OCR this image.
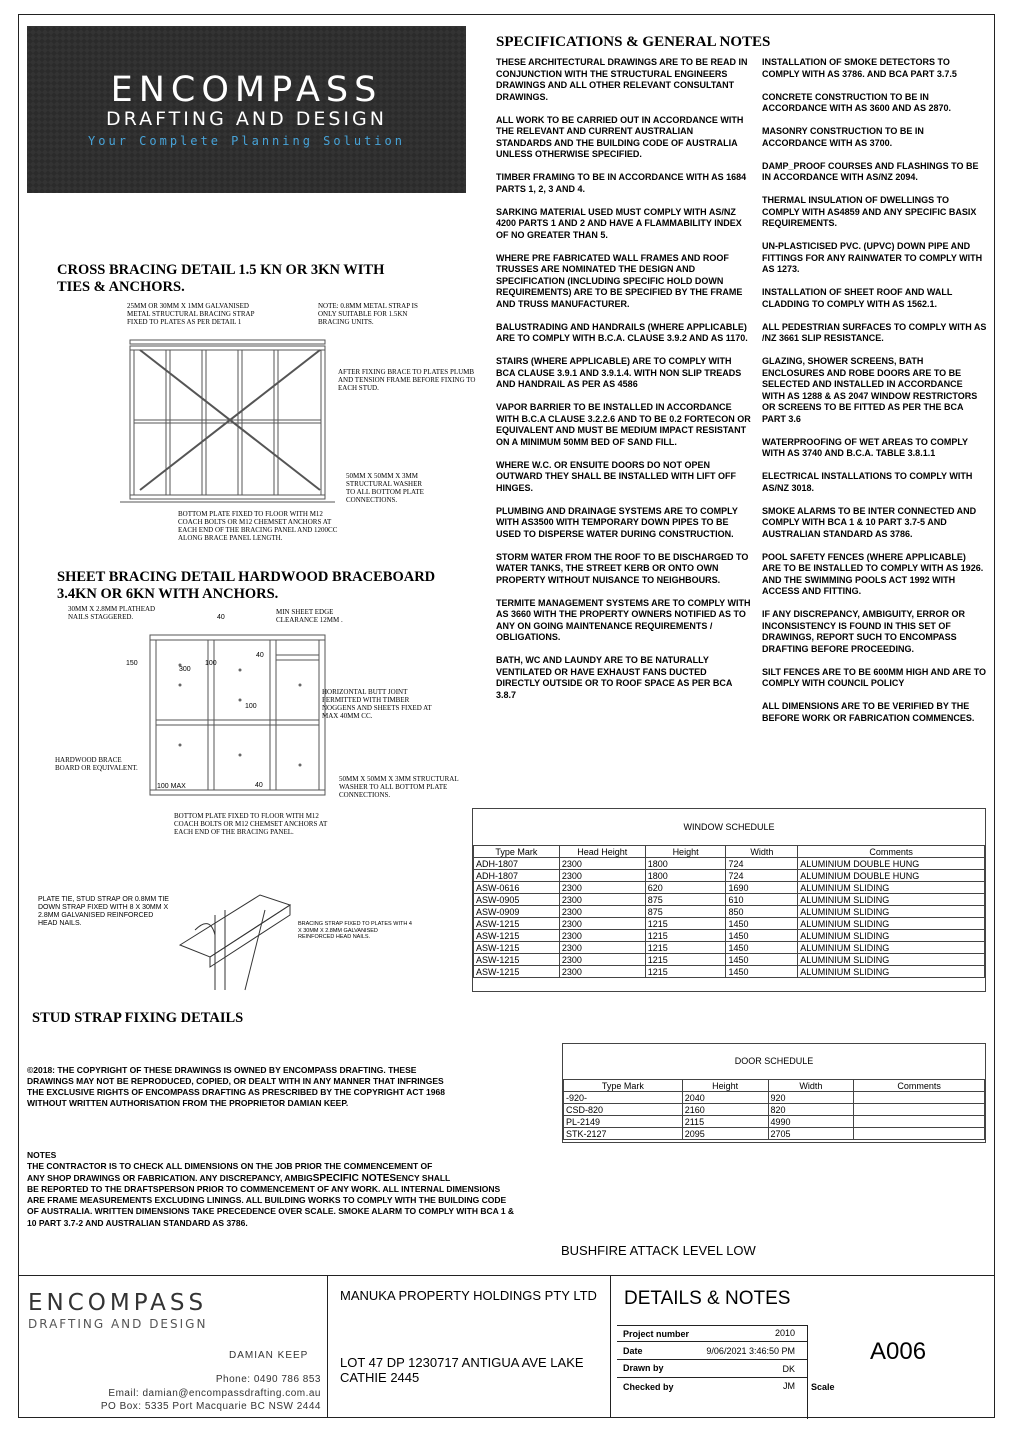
ENCOMPASS
DRAFTING AND DESIGN
Your Complete Planning Solution
SPECIFICATIONS & GENERAL NOTES

THESE ARCHITECTURAL DRAWINGS ARE TO BE READ IN CONJUNCTION WITH THE STRUCTURAL ENGINEERS DRAWINGS AND ALL OTHER RELEVANT CONSULTANT DRAWINGS.

ALL WORK TO BE CARRIED OUT IN ACCORDANCE WITH THE RELEVANT AND CURRENT AUSTRALIAN STANDARDS AND THE BUILDING CODE OF AUSTRALIA UNLESS OTHERWISE SPECIFIED.

TIMBER FRAMING TO BE IN ACCORDANCE WITH AS 1684 PARTS 1, 2, 3 AND 4.

SARKING MATERIAL USED MUST COMPLY WITH AS/NZ 4200 PARTS 1 AND 2 AND HAVE A FLAMMABILITY INDEX OF NO GREATER THAN 5.

WHERE PRE FABRICATED WALL FRAMES AND ROOF TRUSSES ARE NOMINATED THE DESIGN AND SPECIFICATION (INCLUDING SPECIFIC HOLD DOWN REQUIREMENTS) ARE TO BE SPECIFIED BY THE FRAME AND TRUSS MANUFACTURER.

BALUSTRADING AND HANDRAILS (WHERE APPLICABLE) ARE TO COMPLY WITH B.C.A. CLAUSE 3.9.2 AND AS 1170.

STAIRS (WHERE APPLICABLE) ARE TO COMPLY WITH BCA CLAUSE 3.9.1 AND 3.9.1.4. WITH NON SLIP TREADS AND HANDRAIL AS PER AS 4586

VAPOR BARRIER TO BE INSTALLED IN ACCORDANCE WITH B.C.A CLAUSE 3.2.2.6 AND TO BE 0.2 FORTECON OR EQUIVALENT AND MUST BE MEDIUM IMPACT RESISTANT ON A MINIMUM 50MM BED OF SAND FILL.

WHERE W.C. OR ENSUITE DOORS DO NOT OPEN OUTWARD THEY SHALL BE INSTALLED WITH LIFT OFF HINGES.

PLUMBING AND DRAINAGE SYSTEMS ARE TO COMPLY WITH AS3500 WITH TEMPORARY DOWN PIPES TO BE USED TO DISPERSE WATER DURING CONSTRUCTION.

STORM WATER FROM THE ROOF TO BE DISCHARGED TO WATER TANKS, THE STREET KERB OR ONTO OWN PROPERTY WITHOUT NUISANCE TO NEIGHBOURS.

TERMITE MANAGEMENT SYSTEMS ARE TO COMPLY WITH AS 3660 WITH THE PROPERTY OWNERS NOTIFIED AS TO ANY ON GOING MAINTENANCE REQUIREMENTS / OBLIGATIONS.

BATH, WC AND LAUNDY ARE TO BE NATURALLY VENTILATED OR HAVE EXHAUST FANS DUCTED DIRECTLY OUTSIDE OR TO ROOF SPACE AS PER BCA 3.8.7

INSTALLATION OF SMOKE DETECTORS TO COMPLY WITH AS 3786. AND BCA PART 3.7.5

CONCRETE CONSTRUCTION TO BE IN ACCORDANCE WITH AS 3600 AND AS 2870.

MASONRY CONSTRUCTION TO BE IN ACCORDANCE WITH AS 3700.

DAMP_PROOF COURSES AND FLASHINGS TO BE IN ACCORDANCE WITH AS/NZ 2094.

THERMAL INSULATION OF DWELLINGS TO COMPLY WITH AS4859 AND ANY SPECIFIC BASIX REQUIREMENTS.

UN-PLASTICISED PVC. (UPVC) DOWN PIPE AND FITTINGS FOR ANY RAINWATER TO COMPLY WITH AS 1273.

INSTALLATION OF SHEET ROOF AND WALL CLADDING TO COMPLY WITH AS 1562.1.

ALL PEDESTRIAN SURFACES TO COMPLY WITH AS /NZ 3661 SLIP RESISTANCE.

GLAZING, SHOWER SCREENS, BATH ENCLOSURES AND ROBE DOORS ARE TO BE SELECTED AND INSTALLED IN ACCORDANCE WITH AS 1288 & AS 2047 WINDOW RESTRICTORS OR SCREENS TO BE FITTED AS PER THE BCA PART 3.6

WATERPROOFING OF WET AREAS TO COMPLY WITH AS 3740 AND B.C.A. TABLE 3.8.1.1

ELECTRICAL INSTALLATIONS TO COMPLY WITH AS/NZ 3018.

SMOKE ALARMS TO BE INTER CONNECTED AND COMPLY WITH BCA 1 & 10 PART 3.7-5 AND AUSTRALIAN STANDARD AS 3786.

POOL SAFETY FENCES (WHERE APPLICABLE) ARE TO BE INSTALLED TO COMPLY WITH AS 1926. AND THE SWIMMING POOLS ACT 1992 WITH ACCESS AND FITTING.

IF ANY DISCREPANCY, AMBIGUITY, ERROR OR INCONSISTENCY IS FOUND IN THIS SET OF DRAWINGS, REPORT SUCH TO ENCOMPASS DRAFTING BEFORE PROCEEDING.

SILT FENCES ARE TO BE 600MM HIGH AND ARE TO COMPLY WITH COUNCIL POLICY

ALL DIMENSIONS ARE TO BE VERIFIED BY THE BEFORE WORK OR FABRICATION COMMENCES.

CROSS BRACING DETAIL 1.5 KN OR 3KN WITH TIES & ANCHORS.
25MM OR 30MM X 1MM GALVANISED METAL STRUCTURAL BRACING STRAP FIXED TO PLATES AS PER DETAIL 1
NOTE: 0.8MM METAL STRAP IS ONLY SUITABLE FOR 1.5KN BRACING UNITS.
AFTER FIXING BRACE TO PLATES PLUMB AND TENSION FRAME BEFORE FIXING TO EACH STUD.
50MM X 50MM X 3MM STRUCTURAL WASHER TO ALL BOTTOM PLATE CONNECTIONS.
BOTTOM PLATE FIXED TO FLOOR WITH M12 COACH BOLTS OR M12 CHEMSET ANCHORS AT EACH END OF THE BRACING PANEL AND 1200CC ALONG BRACE PANEL LENGTH.
SHEET BRACING DETAIL HARDWOOD BRACEBOARD 3.4KN OR 6KN WITH ANCHORS.
30MM X 2.8MM PLATHEAD NAILS STAGGERED.
MIN SHEET EDGE CLEARANCE 12MM .
HORIZONTAL BUTT JOINT PERMITTED WITH TIMBER NOGGENS AND SHEETS FIXED AT MAX 40MM CC.
HARDWOOD BRACE BOARD OR EQUIVALENT.
50MM X 50MM X 3MM STRUCTURAL WASHER TO ALL BOTTOM PLATE CONNECTIONS.
BOTTOM PLATE FIXED TO FLOOR WITH M12 COACH BOLTS OR M12 CHEMSET ANCHORS AT EACH END OF THE BRACING PANEL.
40
150
300
100
40
100
100 MAX	40
PLATE TIE, STUD STRAP OR 0.8MM TIE DOWN STRAP FIXED WITH 8 X 30MM X 2.8MM GALVANISED REINFORCED HEAD NAILS.	BRACING STRAP FIXED TO PLATES WITH 4 X 30MM X 2.8MM GALVANISED REINFORCED HEAD NAILS.
STUD STRAP FIXING DETAILS
WINDOW SCHEDULE
Type Mark	Head Height	Height	Width	Comments
ADH-1807	2300	1800	724	ALUMINIUM DOUBLE HUNG
ADH-1807	2300	1800	724	ALUMINIUM DOUBLE HUNG
ASW-0616	2300	620	1690	ALUMINIUM SLIDING
ASW-0905	2300	875	610	ALUMINIUM SLIDING
ASW-0909	2300	875	850	ALUMINIUM SLIDING
ASW-1215	2300	1215	1450	ALUMINIUM SLIDING
ASW-1215	2300	1215	1450	ALUMINIUM SLIDING
ASW-1215	2300	1215	1450	ALUMINIUM SLIDING
ASW-1215	2300	1215	1450	ALUMINIUM SLIDING
ASW-1215	2300	1215	1450	ALUMINIUM SLIDING
DOOR SCHEDULE
Type Mark	Height	Width	Comments
-920-	2040	920	
CSD-820	2160	820	
PL-2149	2115	4990	
STK-2127	2095	2705	
©2018: THE COPYRIGHT OF THESE DRAWINGS IS OWNED BY ENCOMPASS DRAFTING. THESE DRAWINGS MAY NOT BE REPRODUCED, COPIED, OR DEALT WITH IN ANY MANNER THAT INFRINGES THE EXCLUSIVE RIGHTS OF ENCOMPASS DRAFTING AS PRESCRIBED BY THE COPYRIGHT ACT 1968 WITHOUT WRITTEN AUTHORISATION FROM THE PROPRIETOR DAMIAN KEEP.
NOTES
THE CONTRACTOR IS TO CHECK ALL DIMENSIONS ON THE JOB PRIOR THE COMMENCEMENT OF
ANY SHOP DRAWINGS OR FABRICATION. ANY DISCREPANCY, AMBIGSPECIFIC NOTESENCY SHALL
BE REPORTED TO THE DRAFTSPERSON PRIOR TO COMMENCEMENT OF ANY WORK. ALL INTERNAL DIMENSIONS ARE FRAME MEASUREMENTS EXCLUDING LININGS. ALL BUILDING WORKS TO COMPLY WITH THE BUILDING CODE OF AUSTRALIA. WRITTEN DIMENSIONS TAKE PRECEDENCE OVER SCALE. SMOKE ALARM TO COMPLY WITH BCA 1 & 10 PART 3.7-2 AND AUSTRALIAN STANDARD AS 3786.
BUSHFIRE ATTACK LEVEL LOW
ENCOMPASS
DRAFTING AND DESIGN
DAMIAN KEEP
Phone: 0490 786 853
Email: damian@encompassdrafting.com.au
PO Box: 5335 Port Macquarie BC NSW 2444
MANUKA PROPERTY HOLDINGS PTY LTD
LOT 47 DP 1230717 ANTIGUA AVE LAKE CATHIE 2445
DETAILS & NOTES
Project number	2010
Date	9/06/2021 3:46:50 PM
Drawn by	DK
Checked by	JM
A006
Scale
